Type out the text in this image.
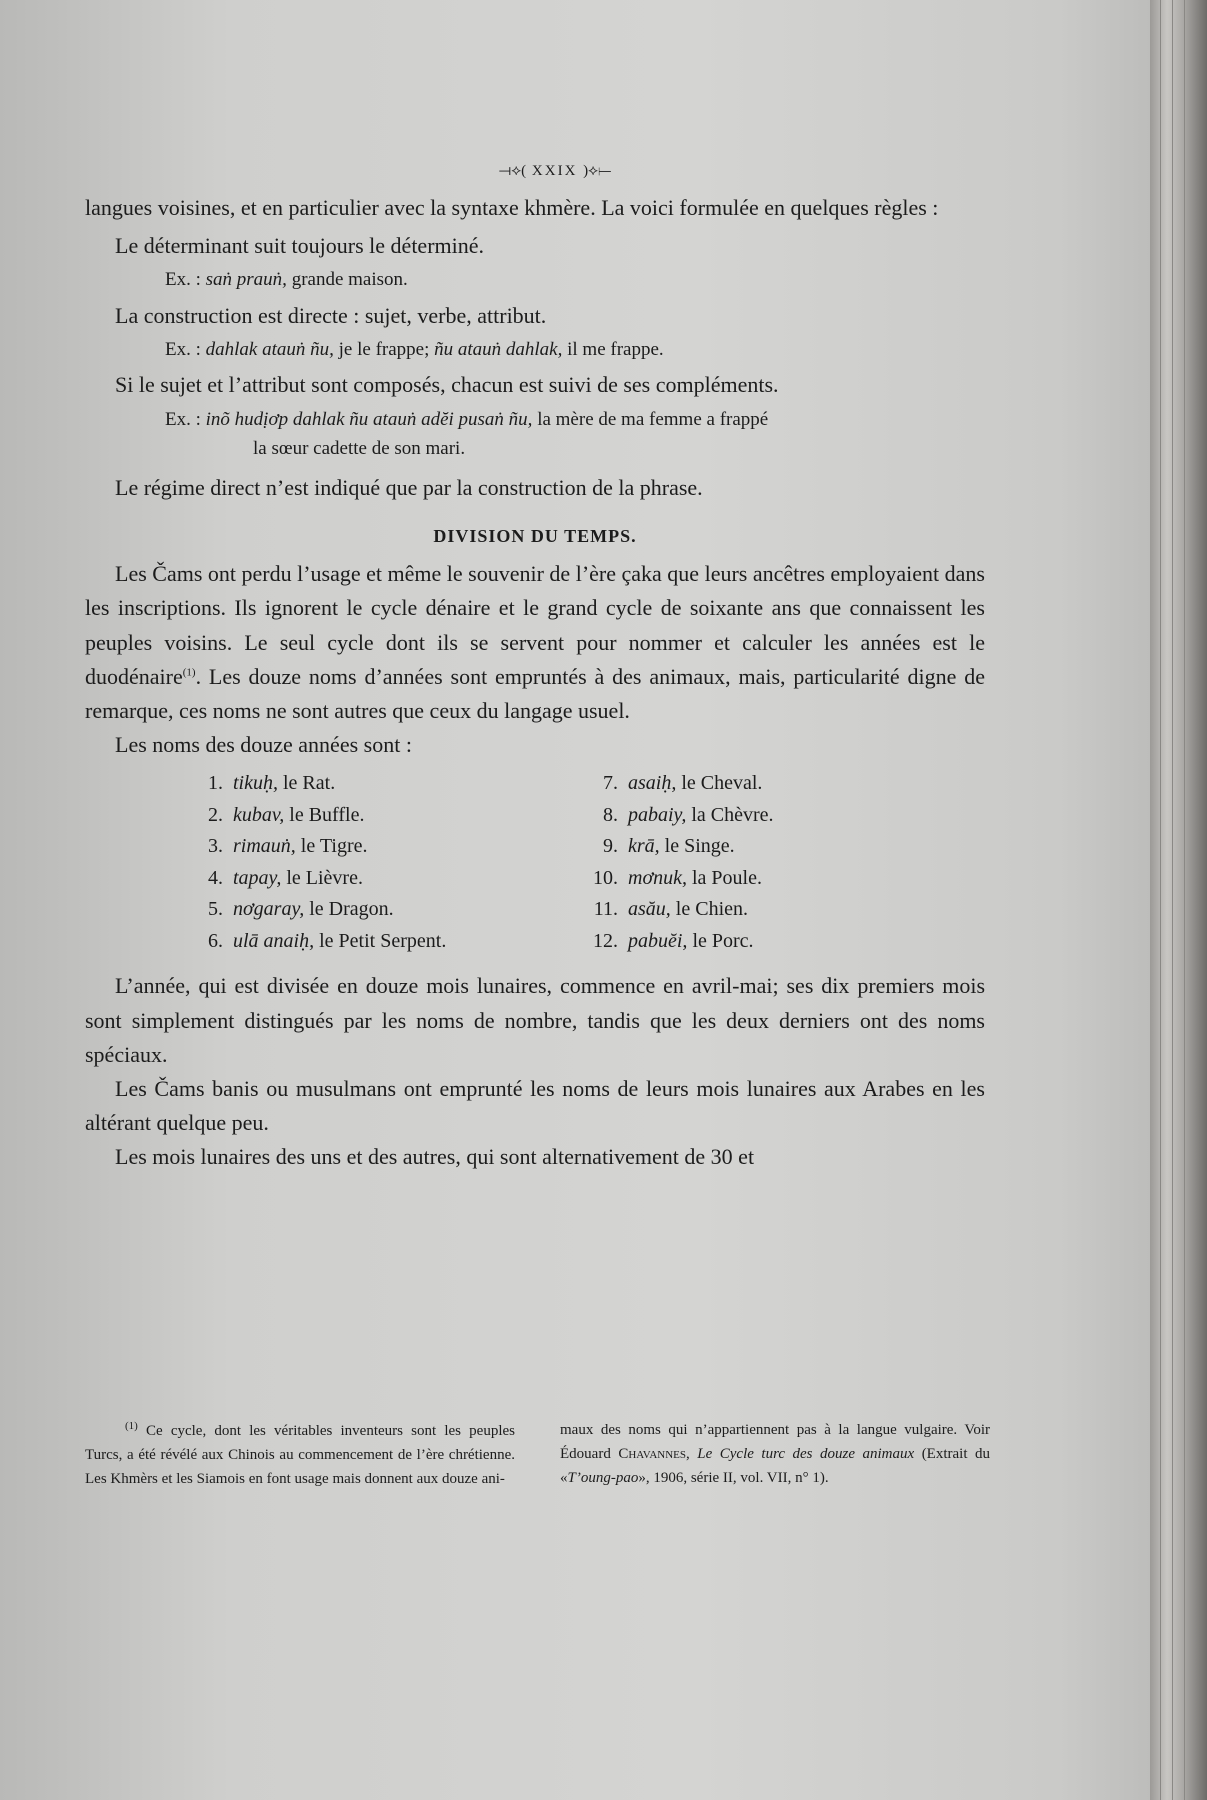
⟞⟡( XXIX )⟡⟝

langues voisines, et en particulier avec la syntaxe khmère. La voici formulée en quelques règles :

Le déterminant suit toujours le déterminé.

Ex. : saṅ prauṅ, grande maison.

La construction est directe : sujet, verbe, attribut.

Ex. : dahlak atauṅ ñu, je le frappe; ñu atauṅ dahlak, il me frappe.

Si le sujet et l’attribut sont composés, chacun est suivi de ses compléments.

Ex. : inõ hudịơp dahlak ñu atauṅ adĕi pusaṅ ñu, la mère de ma femme a frappé

la sœur cadette de son mari.

Le régime direct n’est indiqué que par la construction de la phrase.

DIVISION DU TEMPS.

Les Čams ont perdu l’usage et même le souvenir de l’ère çaka que leurs ancêtres employaient dans les inscriptions. Ils ignorent le cycle dénaire et le grand cycle de soixante ans que connaissent les peuples voisins. Le seul cycle dont ils se servent pour nommer et calculer les années est le duodénaire$^{(1)}$. Les douze noms d’années sont empruntés à des animaux, mais, particularité digne de remarque, ces noms ne sont autres que ceux du langage usuel.

Les noms des douze années sont :

1. tikuḥ, le Rat.
2. kubav, le Buffle.
3. rimauṅ, le Tigre.
4. tapay, le Lièvre.
5. nơgaray, le Dragon.
6. ulā anaiḥ, le Petit Serpent.
7. asaiḥ, le Cheval.
8. pabaiy, la Chèvre.
9. krā, le Singe.
10. mơnuk, la Poule.
11. asău, le Chien.
12. pabuĕi, le Porc.

L’année, qui est divisée en douze mois lunaires, commence en avril-mai; ses dix premiers mois sont simplement distingués par les noms de nombre, tandis que les deux derniers ont des noms spéciaux.

Les Čams banis ou musulmans ont emprunté les noms de leurs mois lunaires aux Arabes en les altérant quelque peu.

Les mois lunaires des uns et des autres, qui sont alternativement de 30 et

$^{(1)}$ Ce cycle, dont les véritables inventeurs sont les peuples Turcs, a été révélé aux Chinois au commencement de l’ère chrétienne. Les Khmèrs et les Siamois en font usage mais donnent aux douze ani-
maux des noms qui n’appartiennent pas à la langue vulgaire. Voir Édouard Chavannes, Le Cycle turc des douze animaux (Extrait du «T’oung-pao», 1906, série II, vol. VII, n° 1).
